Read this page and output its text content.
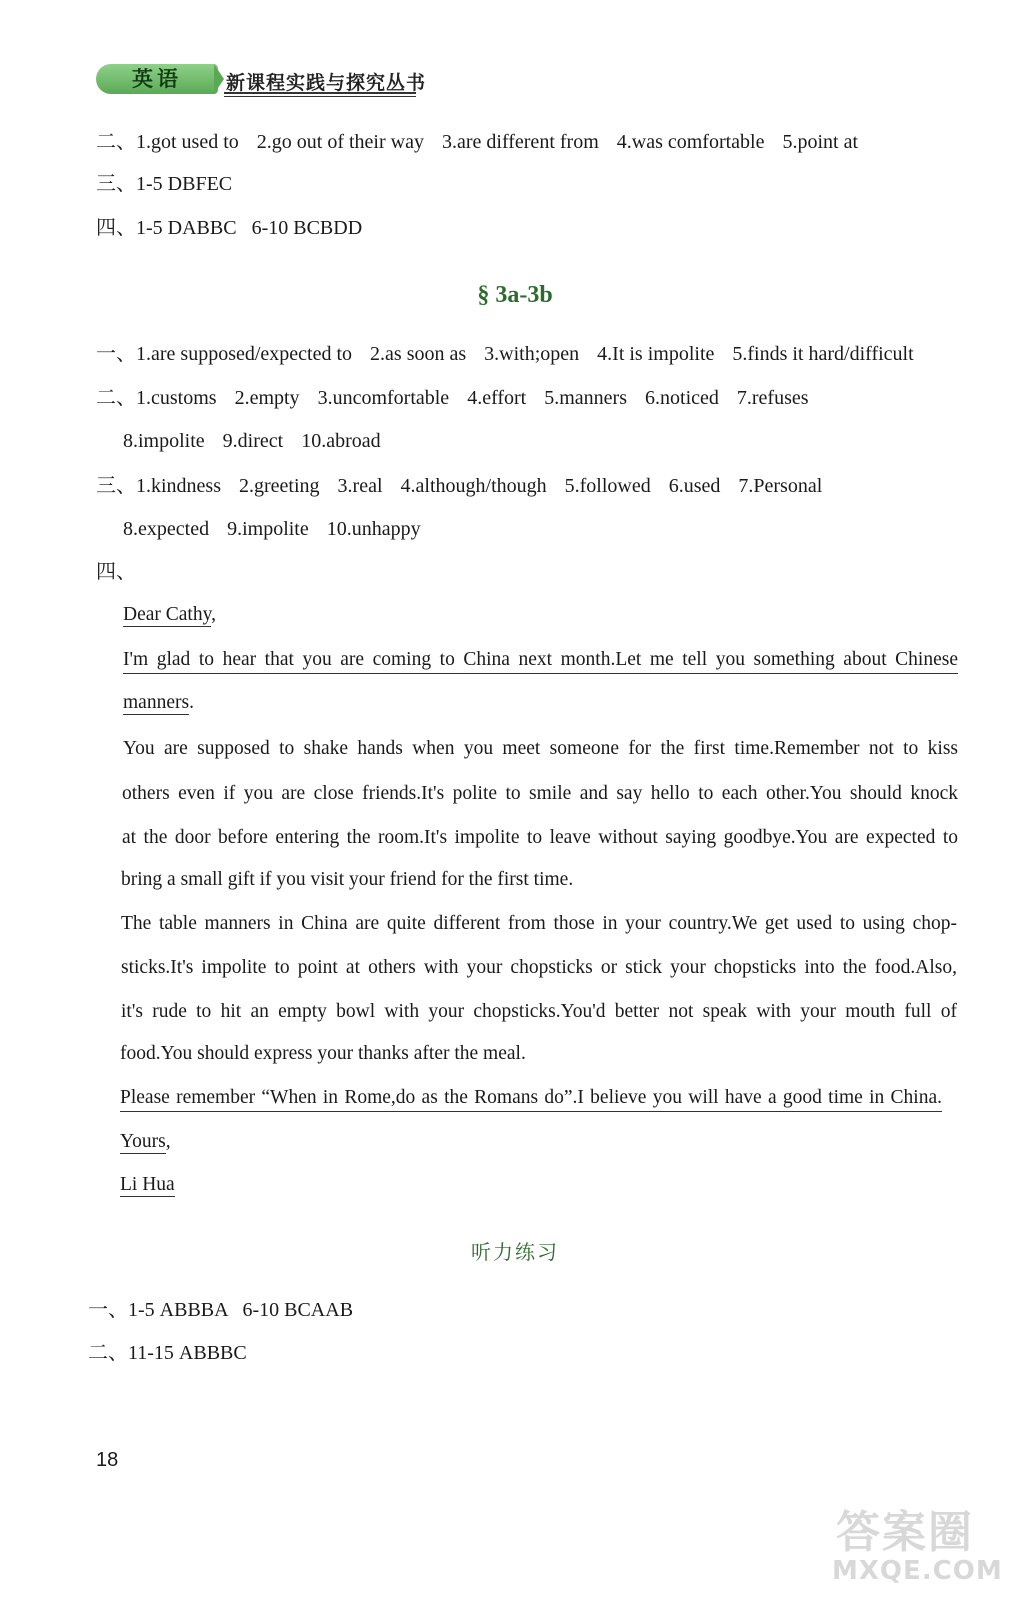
英语	新课程实践与探究丛书
二、1.got used to 2.go out of their way 3.are different from 4.was comfortable 5.point at
三、1-5 DBFEC
四、1-5 DABBC   6-10 BCBDD
§ 3a-3b
一、1.are supposed/expected to 2.as soon as 3.with;open 4.It is impolite 5.finds it hard/difficult
二、1.customs 2.empty 3.uncomfortable 4.effort 5.manners 6.noticed 7.refuses
8.impolite 9.direct 10.abroad
三、1.kindness 2.greeting 3.real 4.although/though 5.followed 6.used 7.Personal
8.expected 9.impolite 10.unhappy
四、
Dear Cathy,
I'm glad to hear that you are coming to China next month.Let me tell you something about Chinese
manners.
You are supposed to shake hands when you meet someone for the first time.Remember not to kiss
others even if you are close friends.It's polite to smile and say hello to each other.You should knock
at the door before entering the room.It's impolite to leave without saying goodbye.You are expected to
bring a small gift if you visit your friend for the first time.
The table manners in China are quite different from those in your country.We get used to using chop-
sticks.It's impolite to point at others with your chopsticks or stick your chopsticks into the food.Also,
it's rude to hit an empty bowl with your chopsticks.You'd better not speak with your mouth full of
food.You should express your thanks after the meal.
Please remember “When in Rome,do as the Romans do”.I believe you will have a good time in China.
Yours,
Li Hua
听力练习
一、1-5 ABBBA   6-10 BCAAB
二、11-15 ABBBC
18
答案圈
MXQE.COM
